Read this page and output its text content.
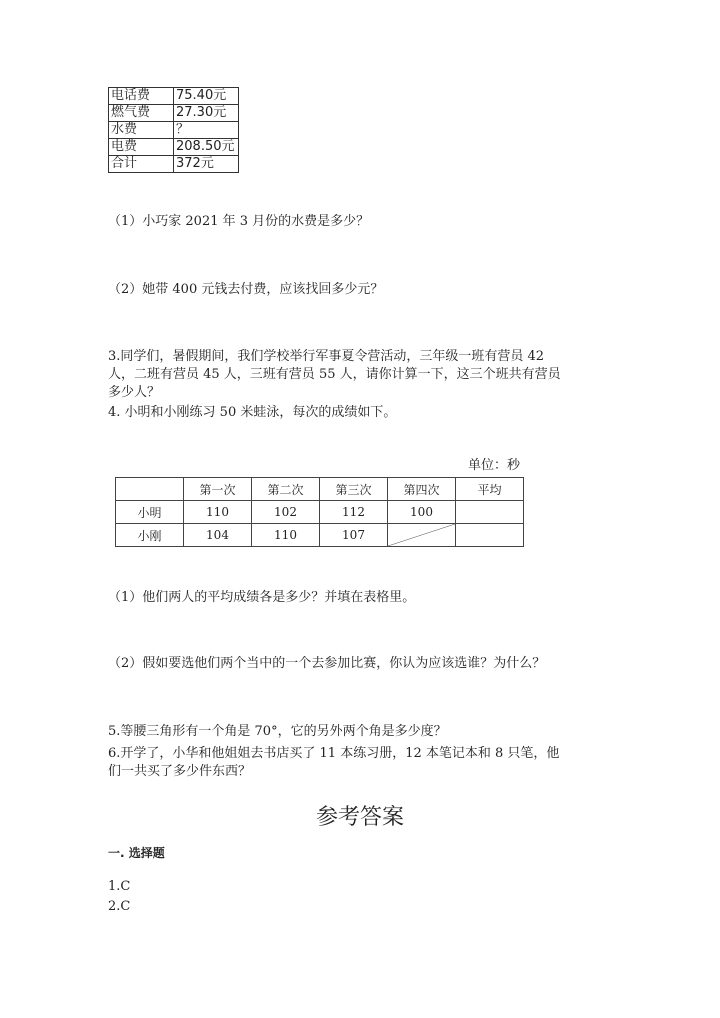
电话费	75.40元
燃气费	27.30元
水费	？
电费	208.50元
合计	372元
（1）小巧家 2021 年 3 月份的水费是多少？
（2）她带 400 元钱去付费，应该找回多少元？
3.同学们，暑假期间，我们学校举行军事夏令营活动，三年级一班有营员 42
人，二班有营员 45 人，三班有营员 55 人，请你计算一下，这三个班共有营员
多少人？
4. 小明和小刚练习 50 米蛙泳，每次的成绩如下。
单位：秒
	第一次	第二次	第三次	第四次	平均
小明	110	102	112	100	
小刚	104	110	107	

（1）他们两人的平均成绩各是多少？并填在表格里。
（2）假如要选他们两个当中的一个去参加比赛，你认为应该选谁？为什么？
5.等腰三角形有一个角是 70°，它的另外两个角是多少度？
6.开学了，小华和他姐姐去书店买了 11 本练习册，12 本笔记本和 8 只笔，他
们一共买了多少件东西？
参考答案
一. 选择题
1.C
2.C
